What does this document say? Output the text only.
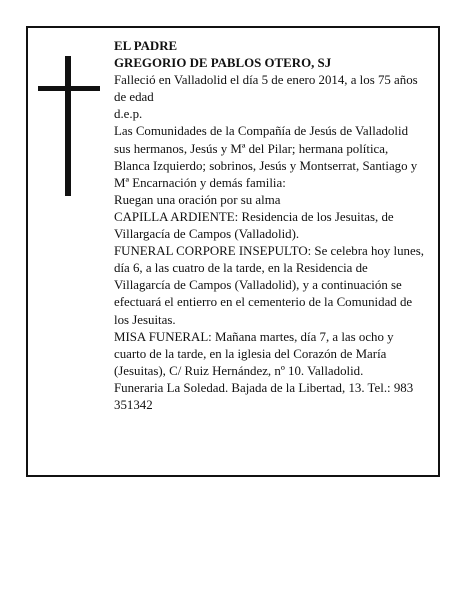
EL PADRE

GREGORIO DE PABLOS OTERO, SJ

Falleció en Valladolid el día 5 de enero 2014, a los 75 años de edad

d.e.p.

Las Comunidades de la Compañía de Jesús de Valladolid sus hermanos, Jesús y Mª del Pilar; hermana política, Blanca Izquierdo; sobrinos, Jesús y Montserrat, Santiago y Mª Encarnación y demás familia:

Ruegan una oración por su alma

CAPILLA ARDIENTE: Residencia de los Jesuitas, de Villargacía de Campos (Valladolid).

FUNERAL CORPORE INSEPULTO: Se celebra hoy lunes, día 6, a las cuatro de la tarde, en la Residencia de Villagarcía de Campos (Valladolid), y a continuación se efectuará el entierro en el cementerio de la Comunidad de los Jesuitas.

MISA FUNERAL: Mañana martes, día 7, a las ocho y cuarto de la tarde, en la iglesia del Corazón de María (Jesuitas), C/ Ruiz Hernández, nº 10. Valladolid.

Funeraria La Soledad. Bajada de la Libertad, 13. Tel.: 983 351342
